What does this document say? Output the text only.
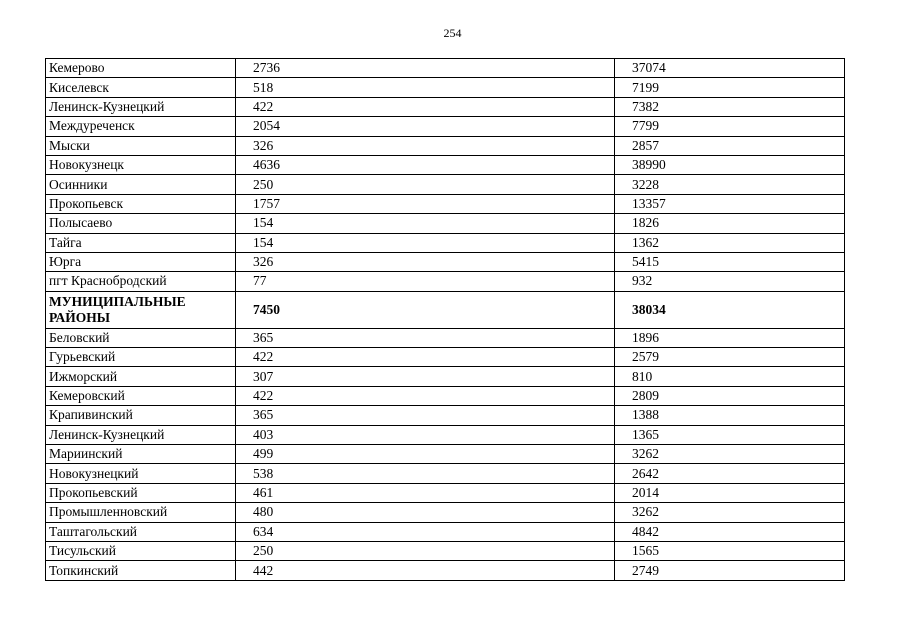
254
Кемерово	2736	37074
Киселевск	518	7199
Ленинск-Кузнецкий	422	7382
Междуреченск	2054	7799
Мыски	326	2857
Новокузнецк	4636	38990
Осинники	250	3228
Прокопьевск	1757	13357
Полысаево	154	1826
Тайга	154	1362
Юрга	326	5415
пгт Краснобродский	77	932
МУНИЦИПАЛЬНЫЕ РАЙОНЫ	7450	38034
Беловский	365	1896
Гурьевский	422	2579
Ижморский	307	810
Кемеровский	422	2809
Крапивинский	365	1388
Ленинск-Кузнецкий	403	1365
Мариинский	499	3262
Новокузнецкий	538	2642
Прокопьевский	461	2014
Промышленновский	480	3262
Таштагольский	634	4842
Тисульский	250	1565
Топкинский	442	2749
